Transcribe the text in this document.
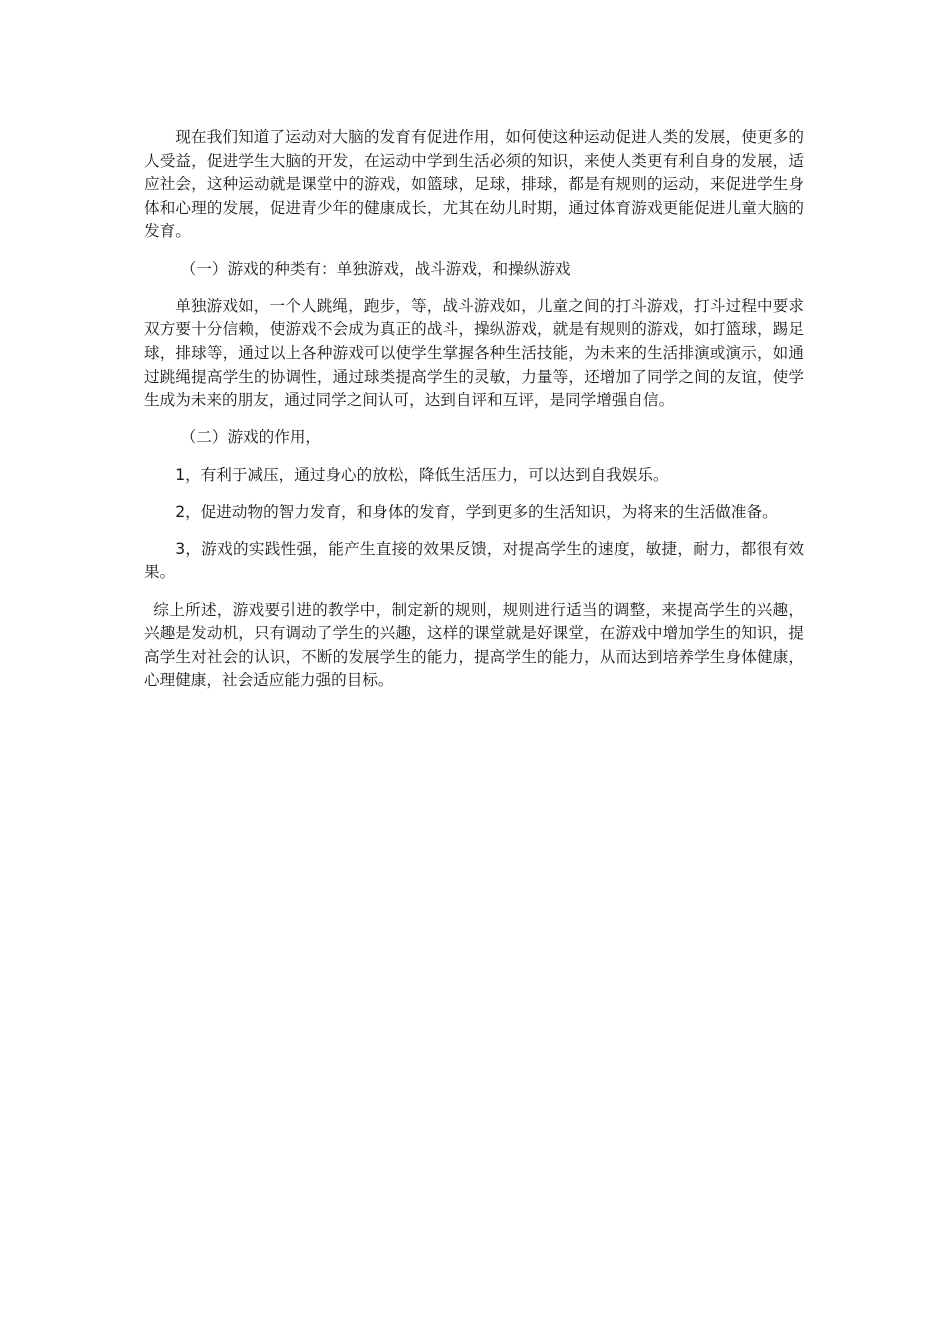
现在我们知道了运动对大脑的发育有促进作用，如何使这种运动促进人类的发展，使更多的人受益，促进学生大脑的开发，在运动中学到生活必须的知识，来使人类更有利自身的发展，适应社会，这种运动就是课堂中的游戏，如篮球，足球，排球，都是有规则的运动，来促进学生身体和心理的发展，促进青少年的健康成长，尤其在幼儿时期，通过体育游戏更能促进儿童大脑的发育。

（一）游戏的种类有：单独游戏，战斗游戏，和操纵游戏

单独游戏如，一个人跳绳，跑步，等，战斗游戏如，儿童之间的打斗游戏，打斗过程中要求双方要十分信赖，使游戏不会成为真正的战斗，操纵游戏，就是有规则的游戏，如打篮球，踢足球，排球等，通过以上各种游戏可以使学生掌握各种生活技能，为未来的生活排演或演示，如通过跳绳提高学生的协调性，通过球类提高学生的灵敏，力量等，还增加了同学之间的友谊，使学生成为未来的朋友，通过同学之间认可，达到自评和互评，是同学增强自信。

（二）游戏的作用，

1，有利于减压，通过身心的放松，降低生活压力，可以达到自我娱乐。

2，促进动物的智力发育，和身体的发育，学到更多的生活知识，为将来的生活做准备。

3，游戏的实践性强，能产生直接的效果反馈，对提高学生的速度，敏捷，耐力，都很有效果。

综上所述，游戏要引进的教学中，制定新的规则，规则进行适当的调整，来提高学生的兴趣，兴趣是发动机，只有调动了学生的兴趣，这样的课堂就是好课堂，在游戏中增加学生的知识，提高学生对社会的认识，不断的发展学生的能力，提高学生的能力，从而达到培养学生身体健康，心理健康，社会适应能力强的目标。
